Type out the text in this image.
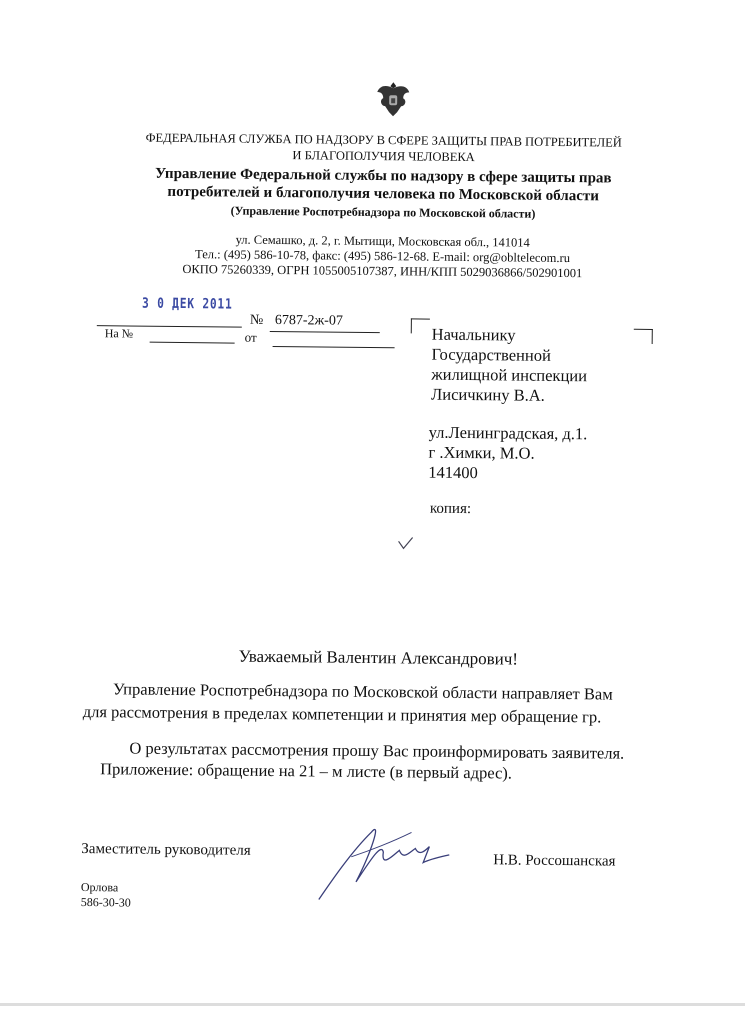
ФЕДЕРАЛЬНАЯ СЛУЖБА ПО НАДЗОРУ В СФЕРЕ ЗАЩИТЫ ПРАВ ПОТРЕБИТЕЛЕЙ
И БЛАГОПОЛУЧИЯ ЧЕЛОВЕКА
Управление Федеральной службы по надзору в сфере защиты прав
потребителей и благополучия человека по Московской области
(Управление Роспотребнадзора по Московской области)
ул. Семашко, д. 2, г. Мытищи, Московская обл., 141014
Тел.: (495) 586-10-78, факс: (495) 586-12-68. E-mail: org@obltelecom.ru
ОКПО 75260339, ОГРН 1055005107387, ИНН/КПП 5029036866/502901001
3 0 ДЕК 2011
№ 6787-2ж-07
На №	от	Начальнику
Государственной
жилищной инспекции
Лисичкину В.А.
ул.Ленинградская, д.1.
г .Химки, М.О.
141400
копия:
Уважаемый Валентин Александрович!
Управление Роспотребнадзора по Московской области направляет Вам
для рассмотрения в пределах компетенции и принятия мер обращение гр.
О результатах рассмотрения прошу Вас проинформировать заявителя.
Приложение: обращение на 21 – м листе (в первый адрес).
Заместитель руководителя
Н.В. Россошанская
Орлова
586-30-30
